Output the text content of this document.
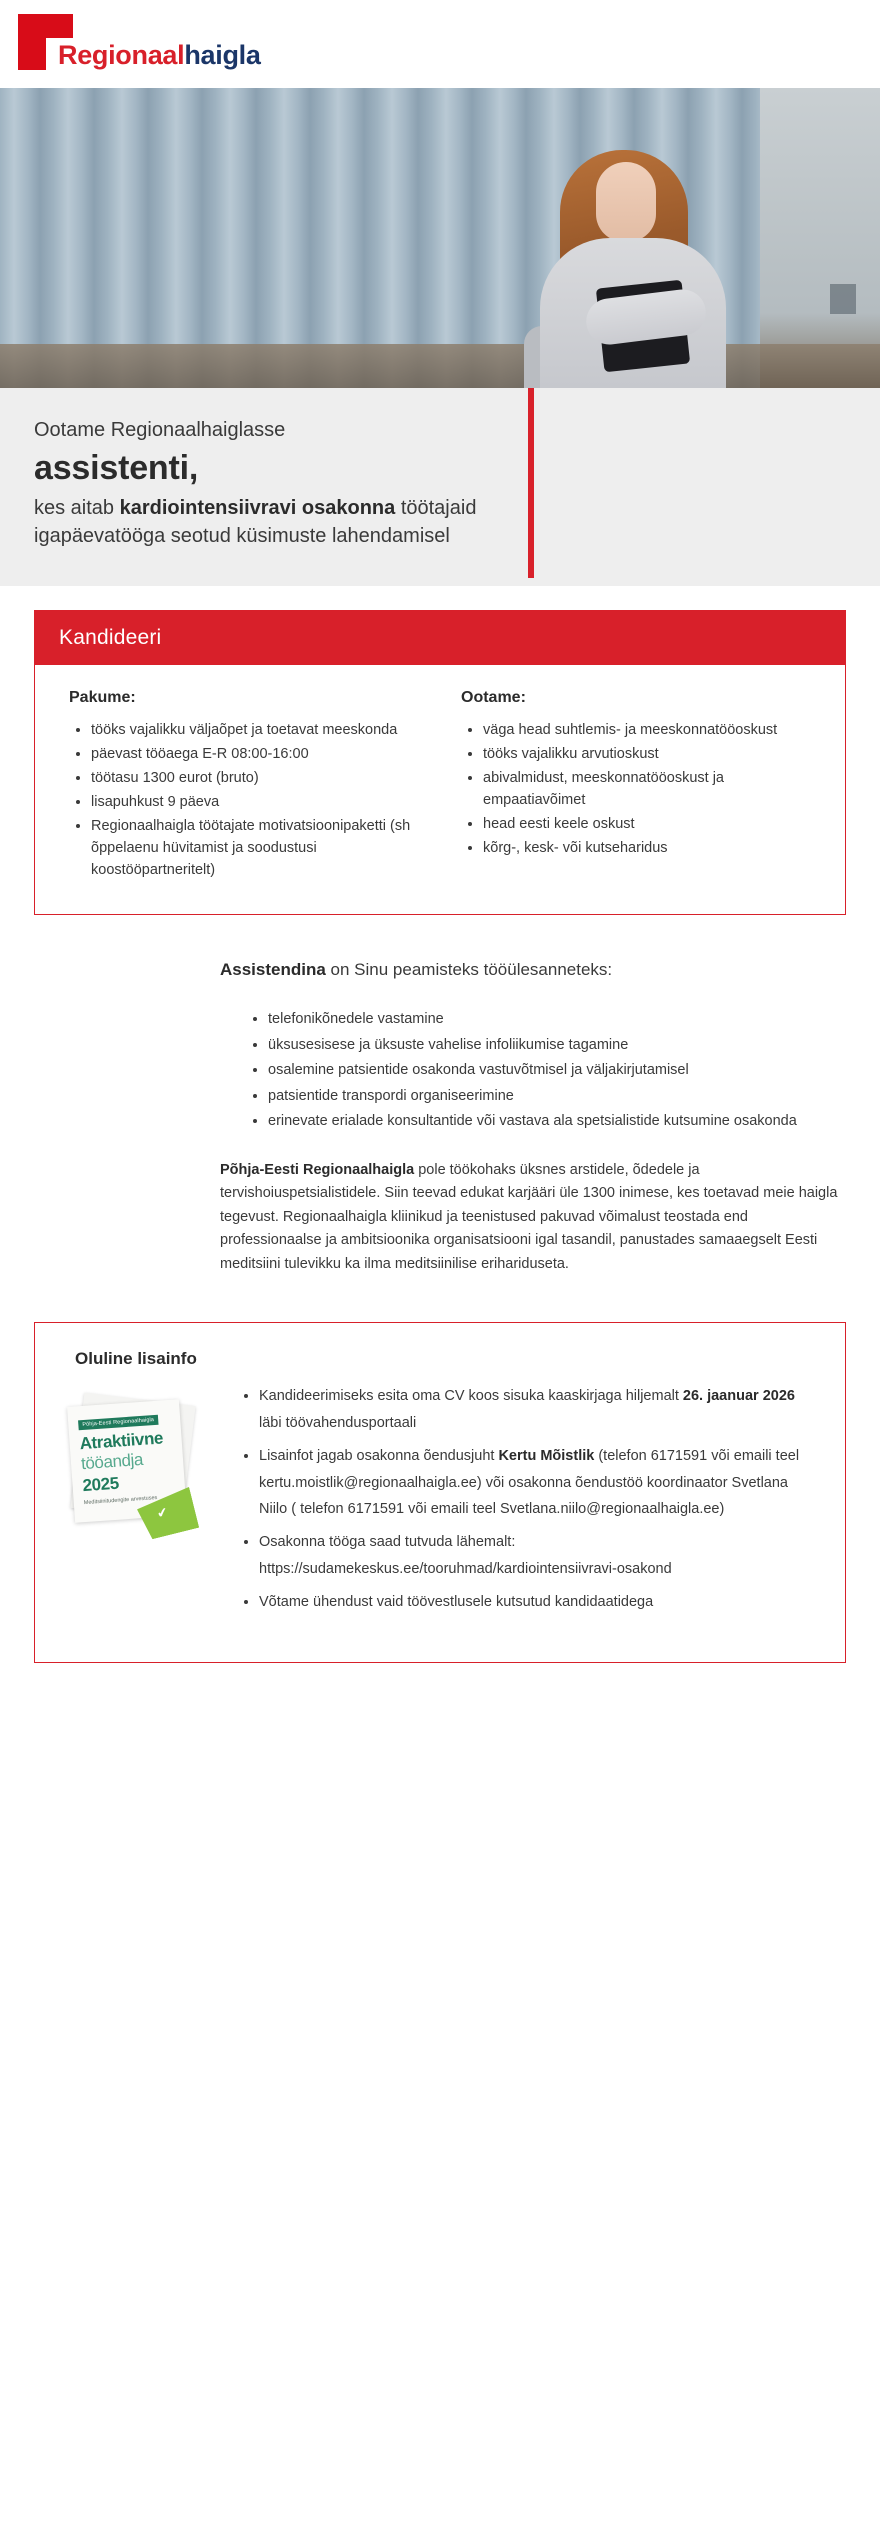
Regionaalhaigla
Ootame Regionaalhaiglasse
assistenti,
kes aitab kardiointensiivravi osakonna töötajaid igapäevatööga seotud küsimuste lahendamisel
Kandideeri
Pakume:
• tööks vajalikku väljaõpet ja toetavat meeskonda
• päevast tööaega E-R 08:00-16:00
• töötasu 1300 eurot (bruto)
• lisapuhkust 9 päeva
• Regionaalhaigla töötajate motivatsioonipaketti (sh õppelaenu hüvitamist ja soodustusi koostööpartneritelt)
Ootame:
• väga head suhtlemis- ja meeskonnatööoskust
• tööks vajalikku arvutioskust
• abivalmidust, meeskonnatööoskust ja empaatiavõimet
• head eesti keele oskust
• kõrg-, kesk- või kutseharidus
Assistendina on Sinu peamisteks tööülesanneteks:
• telefonikõnedele vastamine
• üksusesisese ja üksuste vahelise infoliikumise tagamine
• osalemine patsientide osakonda vastuvõtmisel ja väljakirjutamisel
• patsientide transpordi organiseerimine
• erinevate erialade konsultantide või vastava ala spetsialistide kutsumine osakonda
Põhja-Eesti Regionaalhaigla pole töökohaks üksnes arstidele, õdedele ja tervishoiuspetsialistidele. Siin teevad edukat karjääri üle 1300 inimese, kes toetavad meie haigla tegevust. Regionaalhaigla kliinikud ja teenistused pakuvad võimalust teostada end professionaalse ja ambitsioonika organisatsiooni igal tasandil, panustades samaaegselt Eesti meditsiini tulevikku ka ilma meditsiinilise erihariduseta.
Oluline lisainfo
Põhja-Eesti Regionaalhaigla
Atraktiivne
tööandja
2025
Meditsiinitudengite arvestuses
✔
• Kandideerimiseks esita oma CV koos sisuka kaaskirjaga hiljemalt 26. jaanuar 2026 läbi töövahendusportaali
• Lisainfot jagab osakonna õendusjuht Kertu Mõistlik (telefon 6171591 või emaili teel kertu.moistlik@regionaalhaigla.ee) või osakonna õendustöö koordinaator Svetlana Niilo ( telefon 6171591 või emaili teel Svetlana.niilo@regionaalhaigla.ee)
• Osakonna tööga saad tutvuda lähemalt: https://sudamekeskus.ee/tooruhmad/kardiointensiivravi-osakond
• Võtame ühendust vaid töövestlusele kutsutud kandidaatidega
